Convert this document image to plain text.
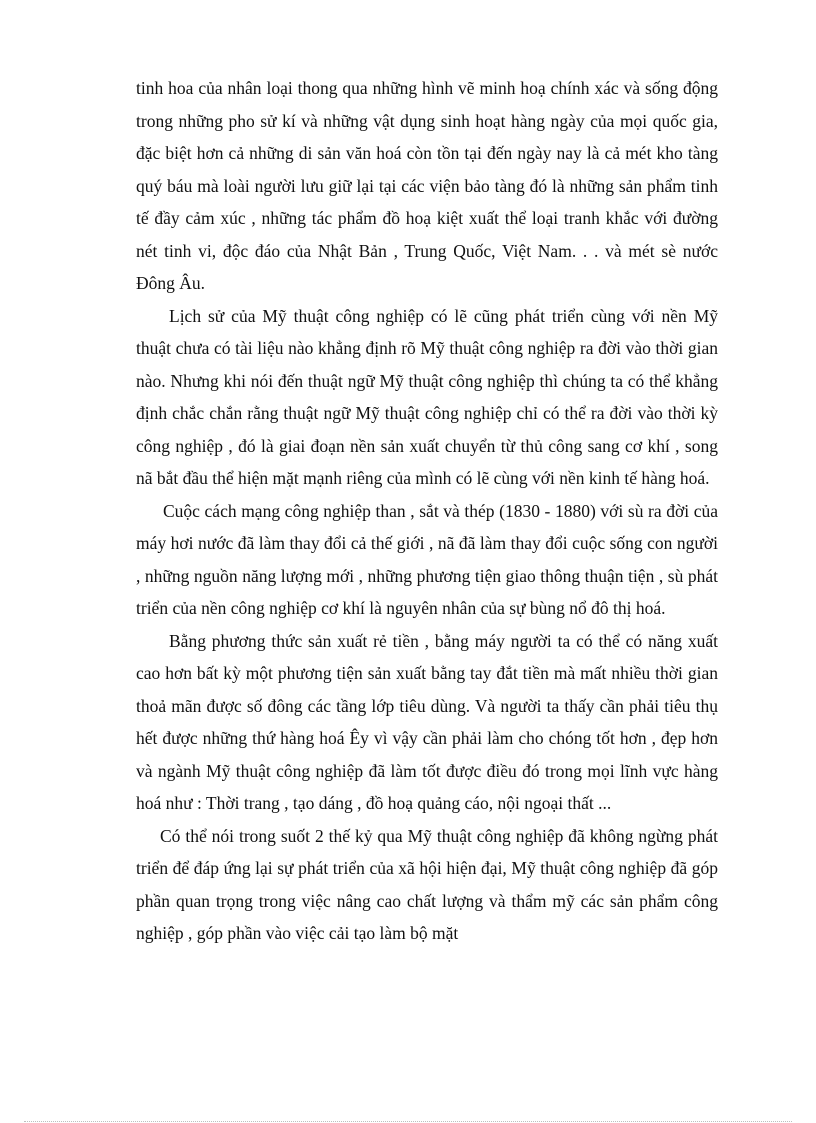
tinh hoa của nhân loại thong qua những hình vẽ minh hoạ chính xác và sống động trong những pho sử kí và những vật dụng sinh hoạt hàng ngày của mọi quốc gia, đặc biệt hơn cả những di sản văn hoá còn tồn tại đến ngày nay là cả mét kho tàng quý báu mà loài người lưu giữ lại tại các viện bảo tàng đó là những sản phẩm tinh tế đầy cảm xúc , những tác phẩm đồ hoạ kiệt xuất thể loại tranh khắc với đường nét tinh vi, độc đáo của Nhật Bản , Trung Quốc, Việt Nam. . . và mét sè nước Đông Âu.

Lịch sử của Mỹ thuật công nghiệp có lẽ cũng phát triển cùng với nền Mỹ thuật chưa có tài liệu nào khẳng định rõ Mỹ thuật công nghiệp ra đời vào thời gian nào. Nhưng khi nói đến thuật ngữ Mỹ thuật công nghiệp thì chúng ta có thể khẳng định chắc chắn rằng thuật ngữ Mỹ thuật công nghiệp chỉ có thể ra đời vào thời kỳ công nghiệp , đó là giai đoạn nền sản xuất chuyển từ thủ công sang cơ khí , song nã bắt đầu thể hiện mặt mạnh riêng của mình có lẽ cùng với nền kinh tế hàng hoá.

Cuộc cách mạng công nghiệp than , sắt và thép (1830 - 1880) với sù ra đời của máy hơi nước đã làm thay đổi cả thế giới , nã đã làm thay đổi cuộc sống con người , những nguồn năng lượng mới , những phương tiện giao thông thuận tiện , sù phát triển của nền công nghiệp cơ khí là nguyên nhân của sự bùng nổ đô thị hoá.

Bằng phương thức sản xuất rẻ tiền , bằng máy người ta có thể có năng xuất cao hơn bất kỳ một phương tiện sản xuất bằng tay đắt tiền mà mất nhiều thời gian thoả mãn được số đông các tầng lớp tiêu dùng. Và người ta thấy cần phải tiêu thụ hết được những thứ hàng hoá Êy vì vậy cần phải làm cho chóng tốt hơn , đẹp hơn và ngành Mỹ thuật công nghiệp đã làm tốt được điều đó trong mọi lĩnh vực hàng hoá như : Thời trang , tạo dáng , đồ hoạ quảng cáo, nội ngoại thất ...

Có thể nói trong suốt 2 thế kỷ qua Mỹ thuật công nghiệp đã không ngừng phát triển để đáp ứng lại sự phát triển của xã hội hiện đại, Mỹ thuật công nghiệp đã góp phần quan trọng trong việc nâng cao chất lượng và thẩm mỹ các sản phẩm công nghiệp , góp phần vào việc cải tạo làm bộ mặt
